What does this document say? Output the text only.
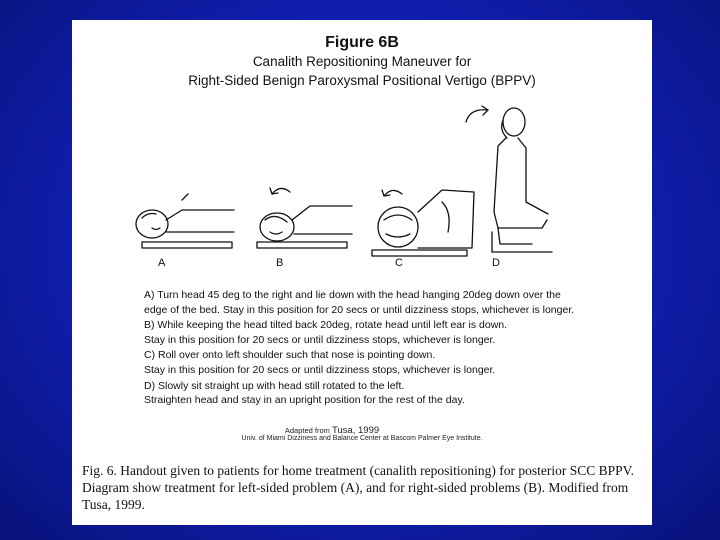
Figure 6B
Canalith Repositioning Maneuver for
Right-Sided Benign Paroxysmal Positional Vertigo (BPPV)
A	B	C	D

A) Turn head 45 deg to the right and lie down with the head hanging 20deg down over the
edge of the bed. Stay in this position for 20 secs or until dizziness stops, whichever is longer.

B) While keeping the head tilted back 20deg, rotate head until left ear is down.
Stay in this position for 20 secs or until dizziness stops, whichever is longer.

C) Roll over onto left shoulder such that nose is pointing down.
Stay in this position for 20 secs or until dizziness stops, whichever is longer.

D) Slowly sit straight up with head still rotated to the left.
Straighten head and stay in an upright position for the rest of the day.

Adapted from Tusa, 1999
Univ. of Miami Dizziness and Balance Center at Bascom Palmer Eye Institute.
Fig. 6. Handout given to patients for home treatment (canalith repositioning) for posterior SCC BPPV. Diagram show treatment for left-sided problem (A), and for right-sided problems (B). Modified from Tusa, 1999.
